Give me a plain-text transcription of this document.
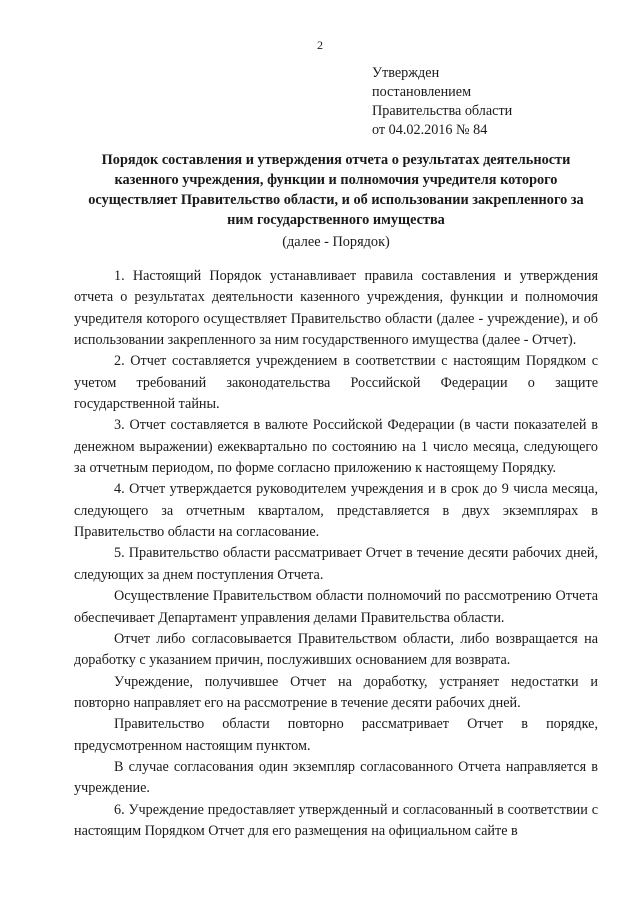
2
Утвержден
постановлением
Правительства области
от 04.02.2016 № 84
Порядок составления и утверждения отчета о результатах деятельности
казенного учреждения, функции и полномочия учредителя которого
осуществляет Правительство области, и об использовании закрепленного за
ним государственного имущества
(далее - Порядок)

1. Настоящий Порядок устанавливает правила составления и утверждения отчета о результатах деятельности казенного учреждения, функции и полномочия учредителя которого осуществляет Правительство области (далее - учреждение), и об использовании закрепленного за ним государственного имущества (далее - Отчет).

2. Отчет составляется учреждением в соответствии с настоящим Порядком с учетом требований законодательства Российской Федерации о защите государственной тайны.

3. Отчет составляется в валюте Российской Федерации (в части показателей в денежном выражении) ежеквартально по состоянию на 1 число месяца, следующего за отчетным периодом, по форме согласно приложению к настоящему Порядку.

4. Отчет утверждается руководителем учреждения и в срок до 9 числа месяца, следующего за отчетным кварталом, представляется в двух экземплярах в Правительство области на согласование.

5. Правительство области рассматривает Отчет в течение десяти рабочих дней, следующих за днем поступления Отчета.

Осуществление Правительством области полномочий по рассмотрению Отчета обеспечивает Департамент управления делами Правительства области.

Отчет либо согласовывается Правительством области, либо возвращается на доработку с указанием причин, послуживших основанием для возврата.

Учреждение, получившее Отчет на доработку, устраняет недостатки и повторно направляет его на рассмотрение в течение десяти рабочих дней.

Правительство области повторно рассматривает Отчет в порядке, предусмотренном настоящим пунктом.

В случае согласования один экземпляр согласованного Отчета направляется в учреждение.

6. Учреждение предоставляет утвержденный и согласованный в соответствии с настоящим Порядком Отчет для его размещения на официальном сайте в
